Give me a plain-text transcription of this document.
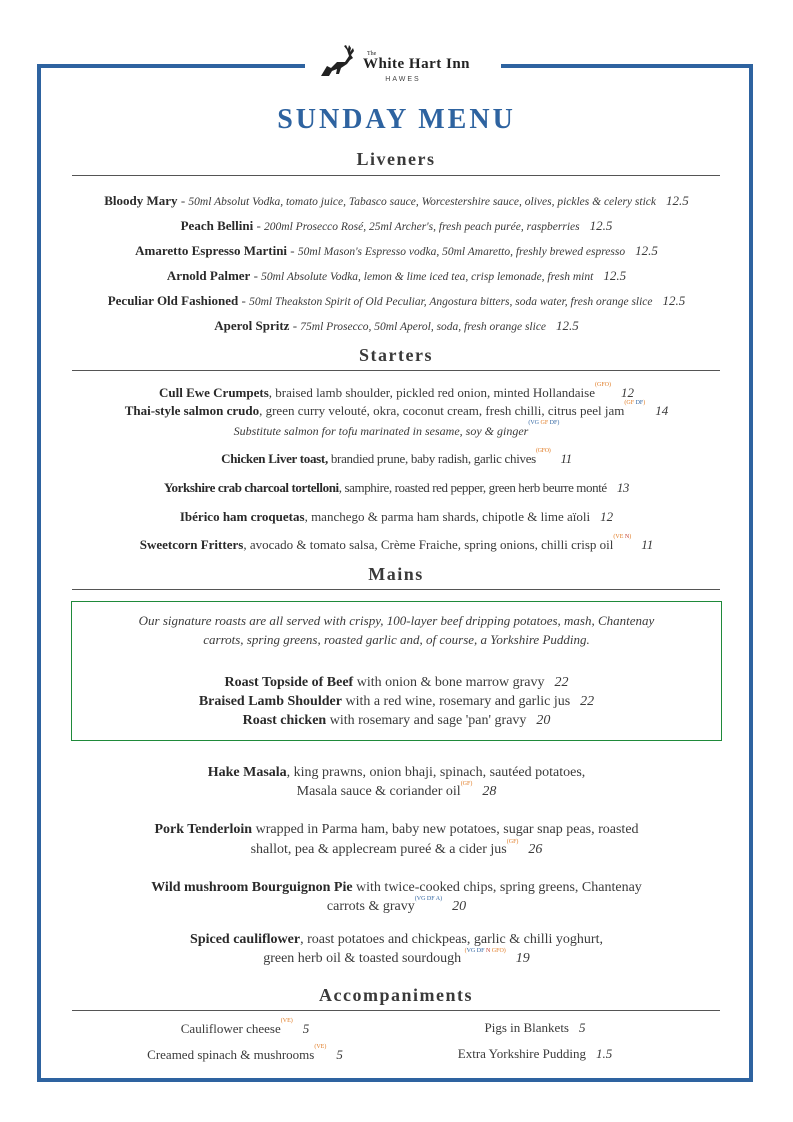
The
White Hart Inn
HAWES
SUNDAY MENU
Liveners
Bloody Mary - 50ml Absolut Vodka, tomato juice, Tabasco sauce, Worcestershire sauce, olives, pickles & celery stick 12.5
Peach Bellini - 200ml Prosecco Rosé, 25ml Archer's, fresh peach purée, raspberries 12.5
Amaretto Espresso Martini - 50ml Mason's Espresso vodka, 50ml Amaretto, freshly brewed espresso 12.5
Arnold Palmer - 50ml Absolute Vodka, lemon & lime iced tea, crisp lemonade, fresh mint 12.5
Peculiar Old Fashioned - 50ml Theakston Spirit of Old Peculiar, Angostura bitters, soda water, fresh orange slice 12.5
Aperol Spritz - 75ml Prosecco, 50ml Aperol, soda, fresh orange slice 12.5
Starters
Cull Ewe Crumpets, braised lamb shoulder, pickled red onion, minted Hollandaise$^{(GFO)}$ 12
Thai-style salmon crudo, green curry velouté, okra, coconut cream, fresh chilli, citrus peel jam$^{(GF DF)}$ 14
Substitute salmon for tofu marinated in sesame, soy & ginger$^{(VG GF DF)}$
Chicken Liver toast, brandied prune, baby radish, garlic chives$^{(GFO)}$ 11
Yorkshire crab charcoal tortelloni, samphire, roasted red pepper, green herb beurre monté 13
Ibérico ham croquetas, manchego & parma ham shards, chipotle & lime aïoli 12
Sweetcorn Fritters, avocado & tomato salsa, Crème Fraiche, spring onions, chilli crisp oil$^{(VE N)}$ 11
Mains
Our signature roasts are all served with crispy, 100-layer beef dripping potatoes, mash, Chantenay
carrots, spring greens, roasted garlic and, of course, a Yorkshire Pudding.
Roast Topside of Beef with onion & bone marrow gravy 22
Braised Lamb Shoulder with a red wine, rosemary and garlic jus 22
Roast chicken with rosemary and sage 'pan' gravy 20
Hake Masala, king prawns, onion bhaji, spinach, sautéed potatoes,
Masala sauce & coriander oil$^{(GF)}$ 28
Pork Tenderloin wrapped in Parma ham, baby new potatoes, sugar snap peas, roasted
shallot, pea & applecream pureé & a cider jus$^{(GF)}$ 26
Wild mushroom Bourguignon Pie with twice-cooked chips, spring greens, Chantenay
carrots & gravy$^{(VG DF A)}$ 20
Spiced cauliflower, roast potatoes and chickpeas, garlic & chilli yoghurt,
green herb oil & toasted sourdough $^{(VG DF N GFO)}$ 19
Accompaniments
Cauliflower cheese$^{(VE)}$ 5
Creamed spinach & mushrooms$^{(VE)}$ 5
Pigs in Blankets 5
Extra Yorkshire Pudding 1.5
